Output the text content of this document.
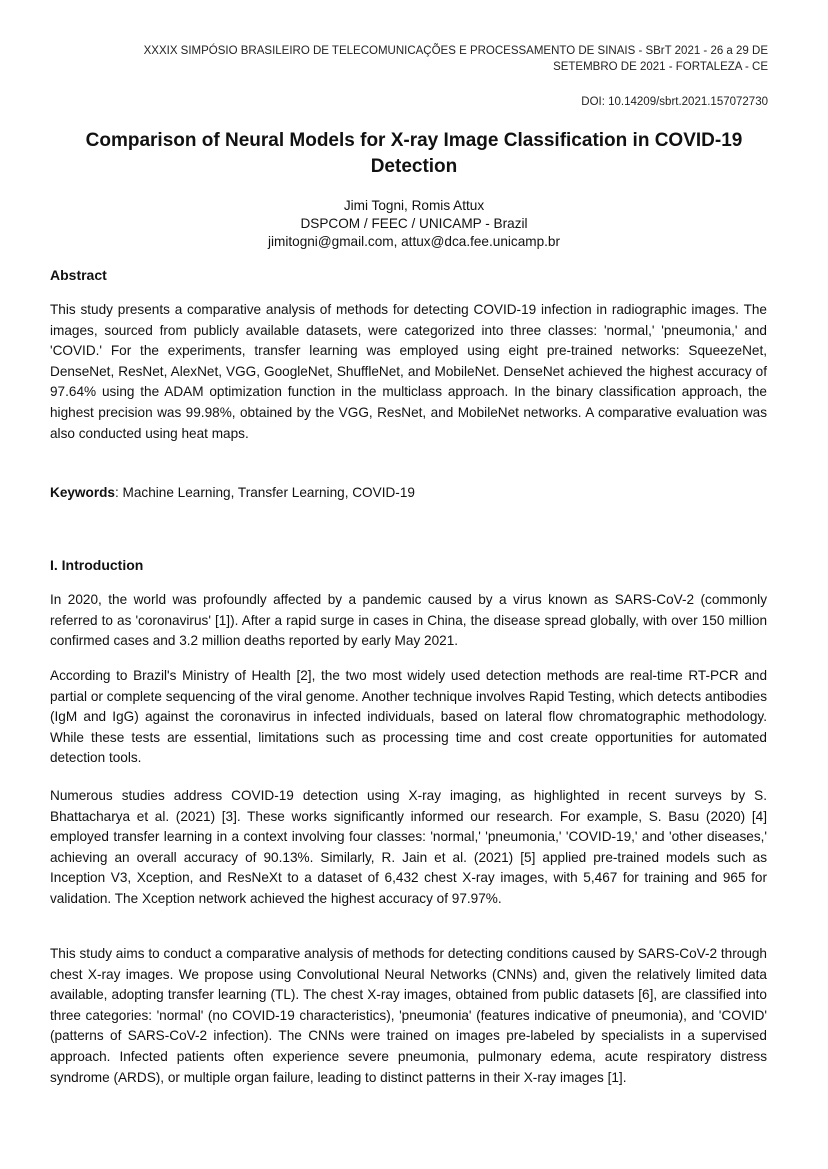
XXXIX SIMPÓSIO BRASILEIRO DE TELECOMUNICAÇÕES E PROCESSAMENTO DE SINAIS - SBrT 2021 - 26 a 29 DE
SETEMBRO DE 2021 - FORTALEZA - CE
DOI: 10.14209/sbrt.2021.157072730
Comparison of Neural Models for X-ray Image Classification in COVID-19 Detection
Jimi Togni, Romis Attux
DSPCOM / FEEC / UNICAMP - Brazil
jimitogni@gmail.com, attux@dca.fee.unicamp.br
Abstract

This study presents a comparative analysis of methods for detecting COVID-19 infection in radiographic images. The images, sourced from publicly available datasets, were categorized into three classes: 'normal,' 'pneumonia,' and 'COVID.' For the experiments, transfer learning was employed using eight pre-trained networks: SqueezeNet, DenseNet, ResNet, AlexNet, VGG, GoogleNet, ShuffleNet, and MobileNet. DenseNet achieved the highest accuracy of 97.64% using the ADAM optimization function in the multiclass approach. In the binary classification approach, the highest precision was 99.98%, obtained by the VGG, ResNet, and MobileNet networks. A comparative evaluation was also conducted using heat maps.

Keywords: Machine Learning, Transfer Learning, COVID-19
I. Introduction

In 2020, the world was profoundly affected by a pandemic caused by a virus known as SARS-CoV-2 (commonly referred to as 'coronavirus' [1]). After a rapid surge in cases in China, the disease spread globally, with over 150 million confirmed cases and 3.2 million deaths reported by early May 2021.

According to Brazil's Ministry of Health [2], the two most widely used detection methods are real-time RT-PCR and partial or complete sequencing of the viral genome. Another technique involves Rapid Testing, which detects antibodies (IgM and IgG) against the coronavirus in infected individuals, based on lateral flow chromatographic methodology. While these tests are essential, limitations such as processing time and cost create opportunities for automated detection tools.

Numerous studies address COVID-19 detection using X-ray imaging, as highlighted in recent surveys by S. Bhattacharya et al. (2021) [3]. These works significantly informed our research. For example, S. Basu (2020) [4] employed transfer learning in a context involving four classes: 'normal,' 'pneumonia,' 'COVID-19,' and 'other diseases,' achieving an overall accuracy of 90.13%. Similarly, R. Jain et al. (2021) [5] applied pre-trained models such as Inception V3, Xception, and ResNeXt to a dataset of 6,432 chest X-ray images, with 5,467 for training and 965 for validation. The Xception network achieved the highest accuracy of 97.97%.

This study aims to conduct a comparative analysis of methods for detecting conditions caused by SARS-CoV-2 through chest X-ray images. We propose using Convolutional Neural Networks (CNNs) and, given the relatively limited data available, adopting transfer learning (TL). The chest X-ray images, obtained from public datasets [6], are classified into three categories: 'normal' (no COVID-19 characteristics), 'pneumonia' (features indicative of pneumonia), and 'COVID' (patterns of SARS-CoV-2 infection). The CNNs were trained on images pre-labeled by specialists in a supervised approach. Infected patients often experience severe pneumonia, pulmonary edema, acute respiratory distress syndrome (ARDS), or multiple organ failure, leading to distinct patterns in their X-ray images [1].
